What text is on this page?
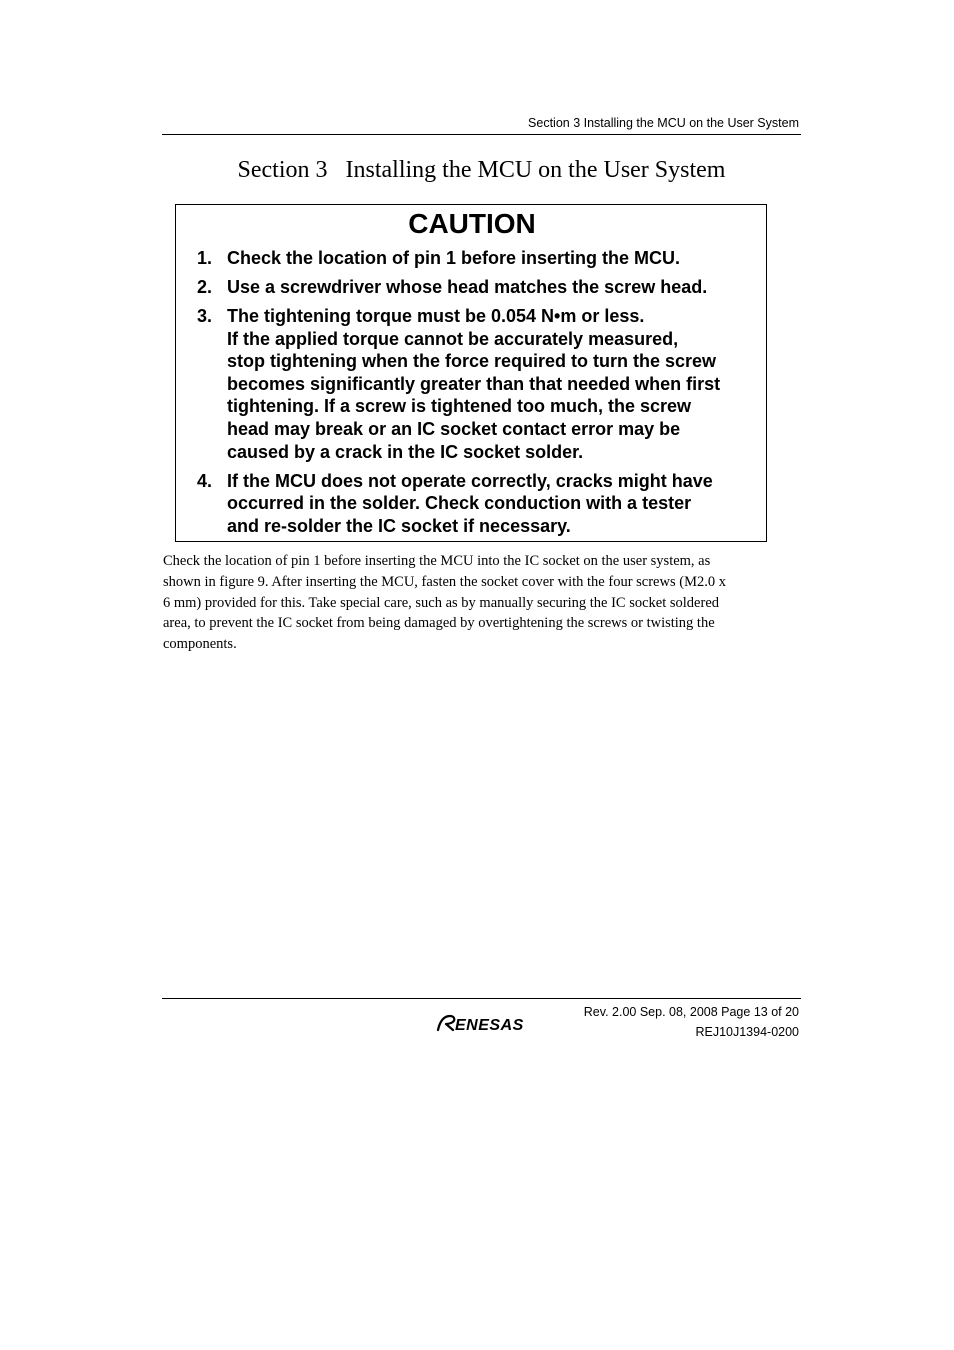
Section 3 Installing the MCU on the User System
Section 3   Installing the MCU on the User System
CAUTION
1. Check the location of pin 1 before inserting the MCU.
2. Use a screwdriver whose head matches the screw head.
3. The tightening torque must be 0.054 N•m or less.
If the applied torque cannot be accurately measured,
stop tightening when the force required to turn the screw
becomes significantly greater than that needed when first
tightening. If a screw is tightened too much, the screw
head may break or an IC socket contact error may be
caused by a crack in the IC socket solder.
4. If the MCU does not operate correctly, cracks might have
occurred in the solder. Check conduction with a tester
and re-solder the IC socket if necessary.
Check the location of pin 1 before inserting the MCU into the IC socket on the user system, as
shown in figure 9. After inserting the MCU, fasten the socket cover with the four screws (M2.0 x
6 mm) provided for this. Take special care, such as by manually securing the IC socket soldered
area, to prevent the IC socket from being damaged by overtightening the screws or twisting the
components.
ENESAS
Rev. 2.00 Sep. 08, 2008 Page 13 of 20
REJ10J1394-0200
